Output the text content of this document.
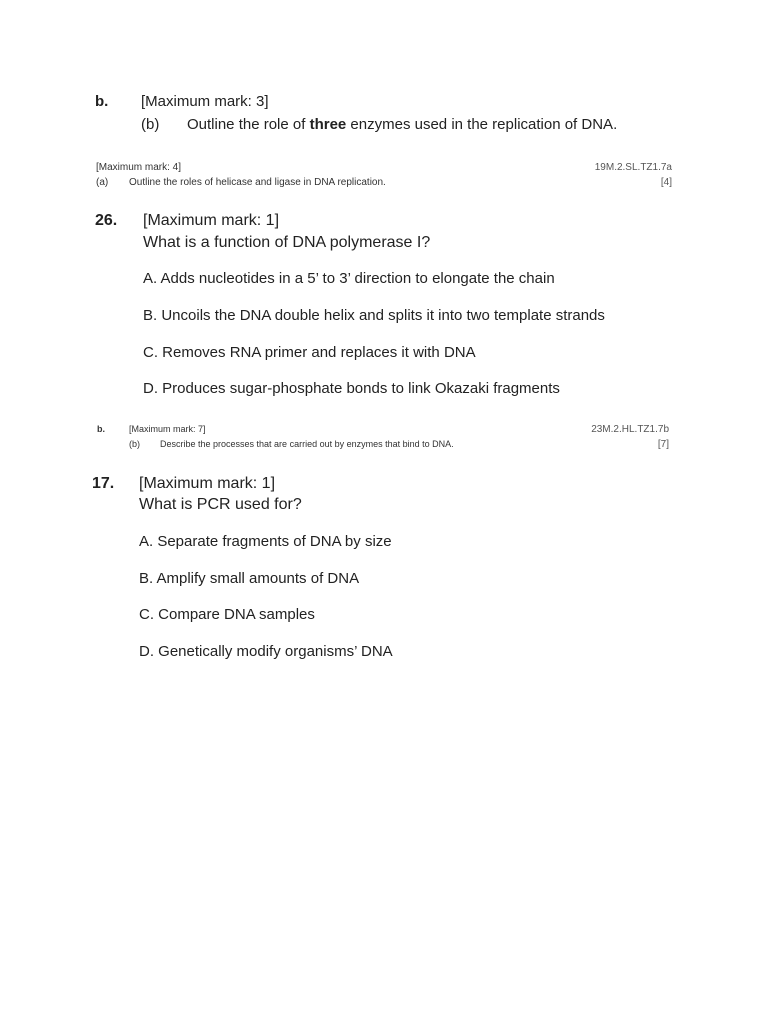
b. [Maximum mark: 3]
(b) Outline the role of three enzymes used in the replication of DNA.
[Maximum mark: 4]	19M.2.SL.TZ1.7a
(a) Outline the roles of helicase and ligase in DNA replication.	[4]
26. [Maximum mark: 1]
What is a function of DNA polymerase I?
A. Adds nucleotides in a 5’ to 3’ direction to elongate the chain
B. Uncoils the DNA double helix and splits it into two template strands
C. Removes RNA primer and replaces it with DNA
D. Produces sugar-phosphate bonds to link Okazaki fragments
b.	[Maximum mark: 7]	23M.2.HL.TZ1.7b
(b) Describe the processes that are carried out by enzymes that bind to DNA.	[7]
17. [Maximum mark: 1]
What is PCR used for?
A. Separate fragments of DNA by size
B. Amplify small amounts of DNA
C. Compare DNA samples
D. Genetically modify organisms’ DNA
